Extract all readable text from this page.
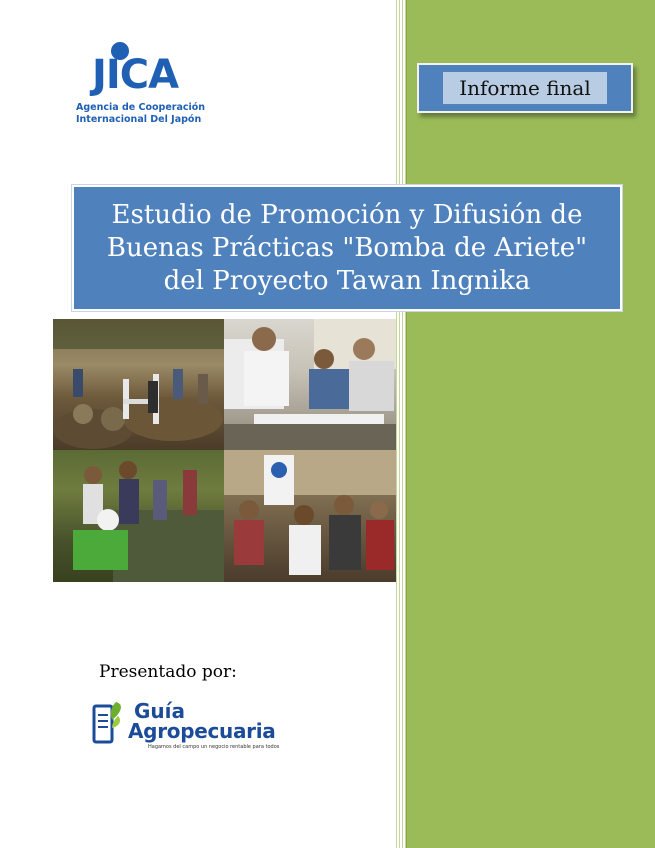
JICA
Agencia de Cooperación
Internacional Del Japón
Informe final
Estudio de Promoción y Difusión de Buenas Prácticas "Bomba de Ariete" del Proyecto Tawan Ingnika
Presentado por:
Guía
Agropecuaria
Hagamos del campo un negocio rentable para todos
